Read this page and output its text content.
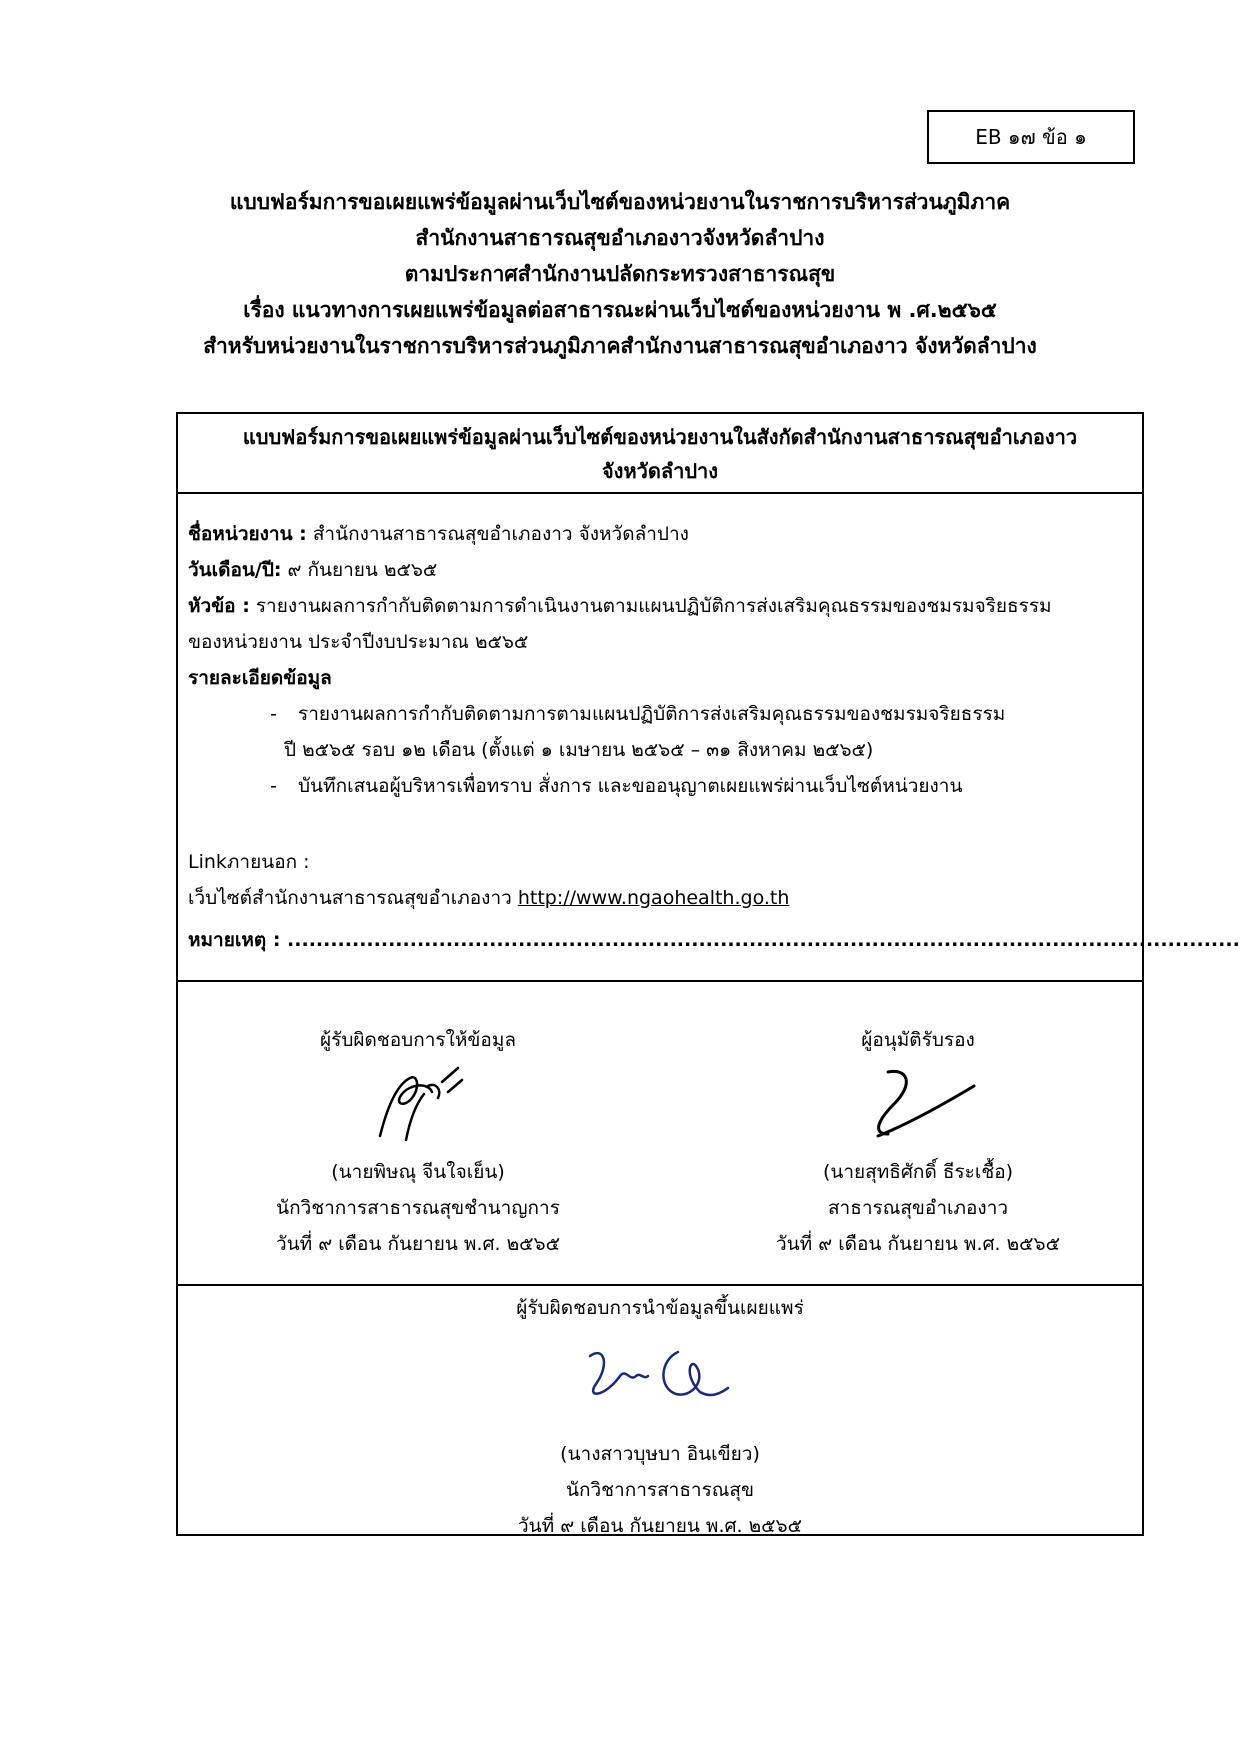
EB ๑๗ ข้อ ๑
แบบฟอร์มการขอเผยแพร่ข้อมูลผ่านเว็บไซต์ของหน่วยงานในราชการบริหารส่วนภูมิภาค
สำนักงานสาธารณสุขอำเภองาวจังหวัดลำปาง
ตามประกาศสำนักงานปลัดกระทรวงสาธารณสุข
เรื่อง แนวทางการเผยแพร่ข้อมูลต่อสาธารณะผ่านเว็บไซต์ของหน่วยงาน พ .ศ.๒๕๖๕
สำหรับหน่วยงานในราชการบริหารส่วนภูมิภาคสำนักงานสาธารณสุขอำเภองาว จังหวัดลำปาง
แบบฟอร์มการขอเผยแพร่ข้อมูลผ่านเว็บไซต์ของหน่วยงานในสังกัดสำนักงานสาธารณสุขอำเภองาว
จังหวัดลำปาง
ชื่อหน่วยงาน : สำนักงานสาธารณสุขอำเภองาว จังหวัดลำปาง
วันเดือน/ปี: ๙ กันยายน ๒๕๖๕
หัวข้อ : รายงานผลการกำกับติดตามการดำเนินงานตามแผนปฏิบัติการส่งเสริมคุณธรรมของชมรมจริยธรรม
ของหน่วยงาน ประจำปีงบประมาณ ๒๕๖๕
รายละเอียดข้อมูล
- รายงานผลการกำกับติดตามการตามแผนปฏิบัติการส่งเสริมคุณธรรมของชมรมจริยธรรม
ปี ๒๕๖๕ รอบ ๑๒ เดือน (ตั้งแต่ ๑ เมษายน ๒๕๖๕ – ๓๑ สิงหาคม ๒๕๖๕)
- บันทึกเสนอผู้บริหารเพื่อทราบ สั่งการ และขออนุญาตเผยแพร่ผ่านเว็บไซต์หน่วยงาน
Linkภายนอก :
เว็บไซต์สำนักงานสาธารณสุขอำเภองาว http://www.ngaohealth.go.th
หมายเหตุ : ....................................................................................................................................
ผู้รับผิดชอบการให้ข้อมูล
(นายพิษณุ จีนใจเย็น)
นักวิชาการสาธารณสุขชำนาญการ
วันที่ ๙ เดือน กันยายน พ.ศ. ๒๕๖๕
ผู้อนุมัติรับรอง
(นายสุทธิศักดิ์ ธีระเชื้อ)
สาธารณสุขอำเภองาว
วันที่ ๙ เดือน กันยายน พ.ศ. ๒๕๖๕
ผู้รับผิดชอบการนำข้อมูลขึ้นเผยแพร่
(นางสาวบุษบา อินเขียว)
นักวิชาการสาธารณสุข
วันที่ ๙ เดือน กันยายน พ.ศ. ๒๕๖๕
